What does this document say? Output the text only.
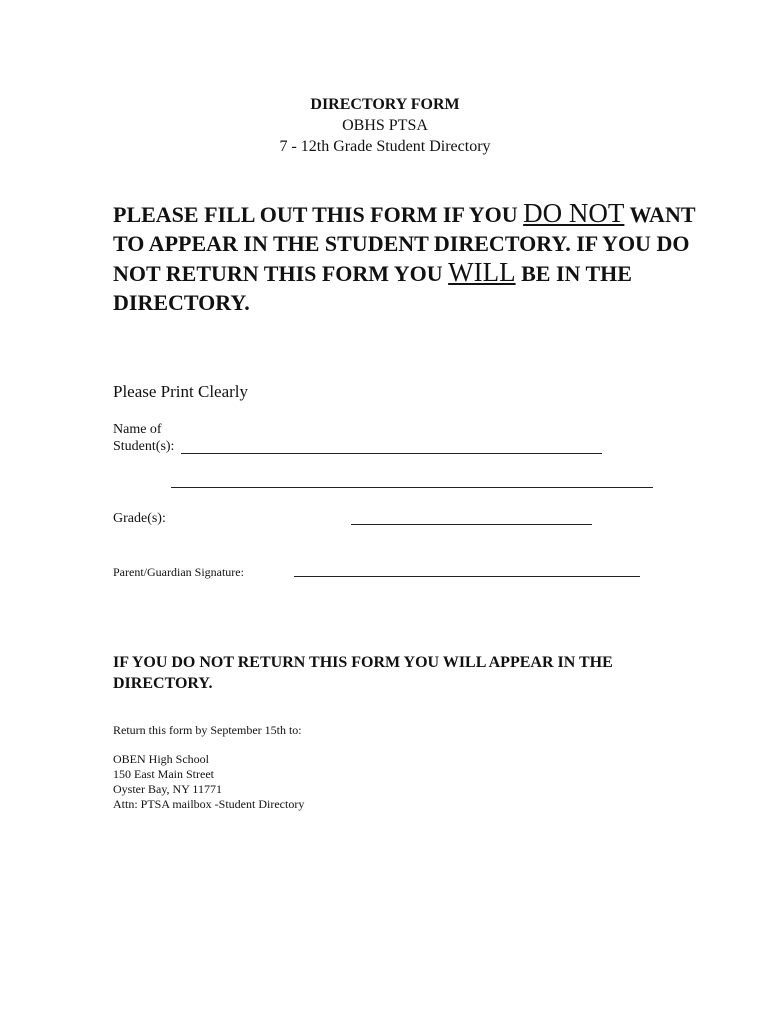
DIRECTORY FORM
OBHS PTSA
7 - 12th Grade Student Directory
PLEASE FILL OUT THIS FORM IF YOU DO NOT WANT TO APPEAR IN THE STUDENT DIRECTORY. IF YOU DO NOT RETURN THIS FORM YOU WILL BE IN THE DIRECTORY.
Please Print Clearly
Name of
Student(s):
Grade(s):
Parent/Guardian Signature:
IF YOU DO NOT RETURN THIS FORM YOU WILL APPEAR IN THE DIRECTORY.
Return this form by September 15th to:
OBEN High School
150 East Main Street
Oyster Bay, NY 11771
Attn: PTSA mailbox -Student Directory
